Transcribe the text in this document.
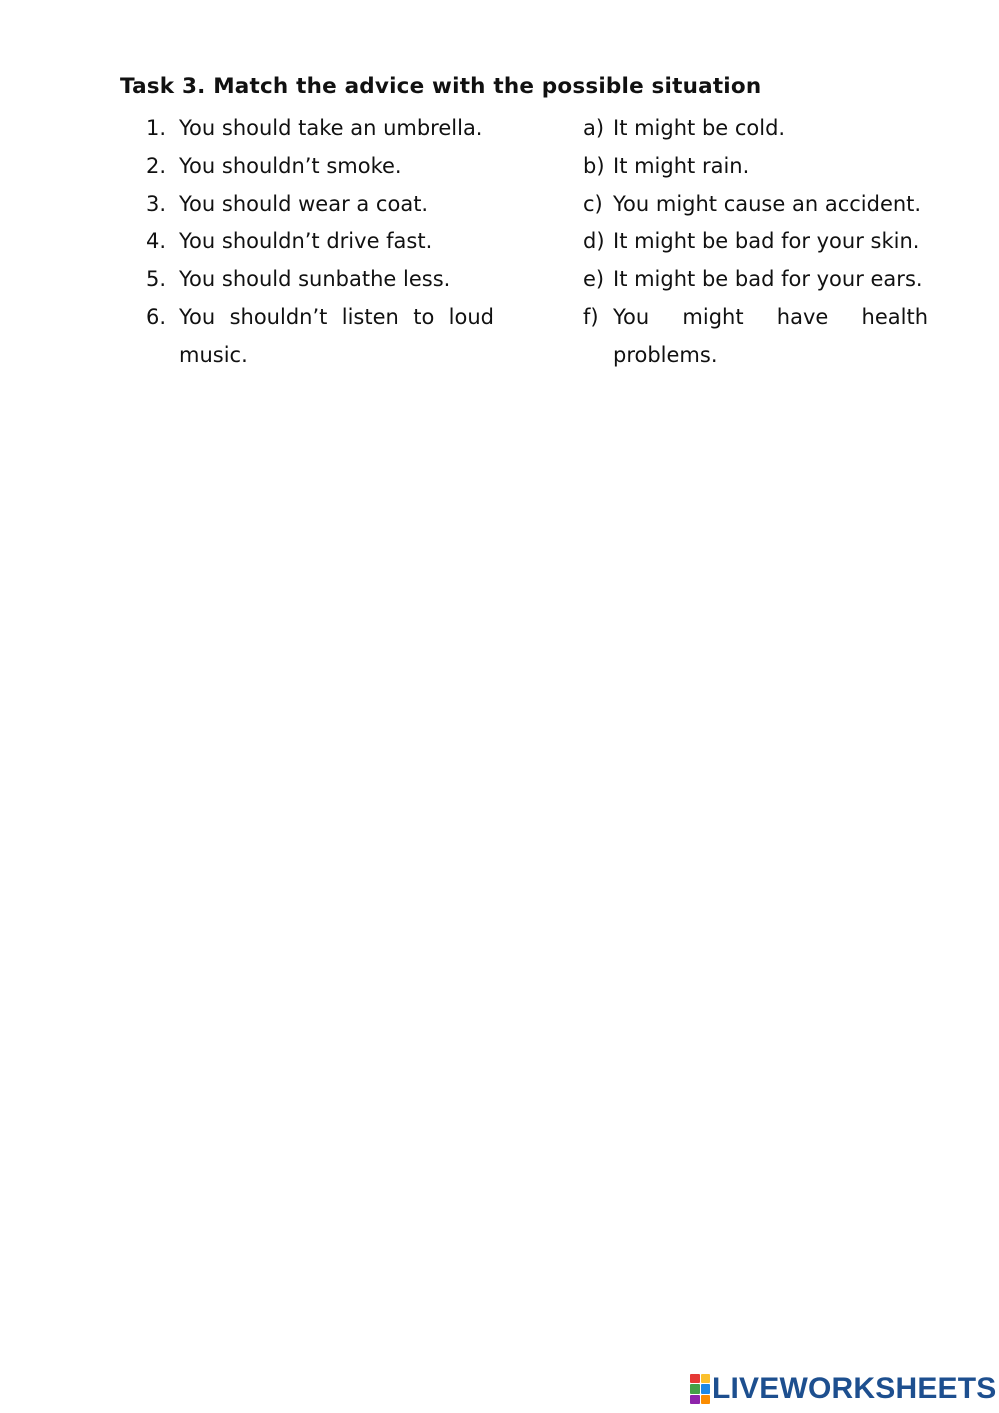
Task 3. Match the advice with the possible situation
1. You should take an umbrella.
2. You shouldn’t smoke.
3. You should wear a coat.
4. You shouldn’t drive fast.
5. You should sunbathe less.
6. You shouldn’t listen to loud music.
a) It might be cold.
b) It might rain.
c) You might cause an accident.
d) It might be bad for your skin.
e) It might be bad for your ears.
f) You might have health problems.
LIVEWORKSHEETS
